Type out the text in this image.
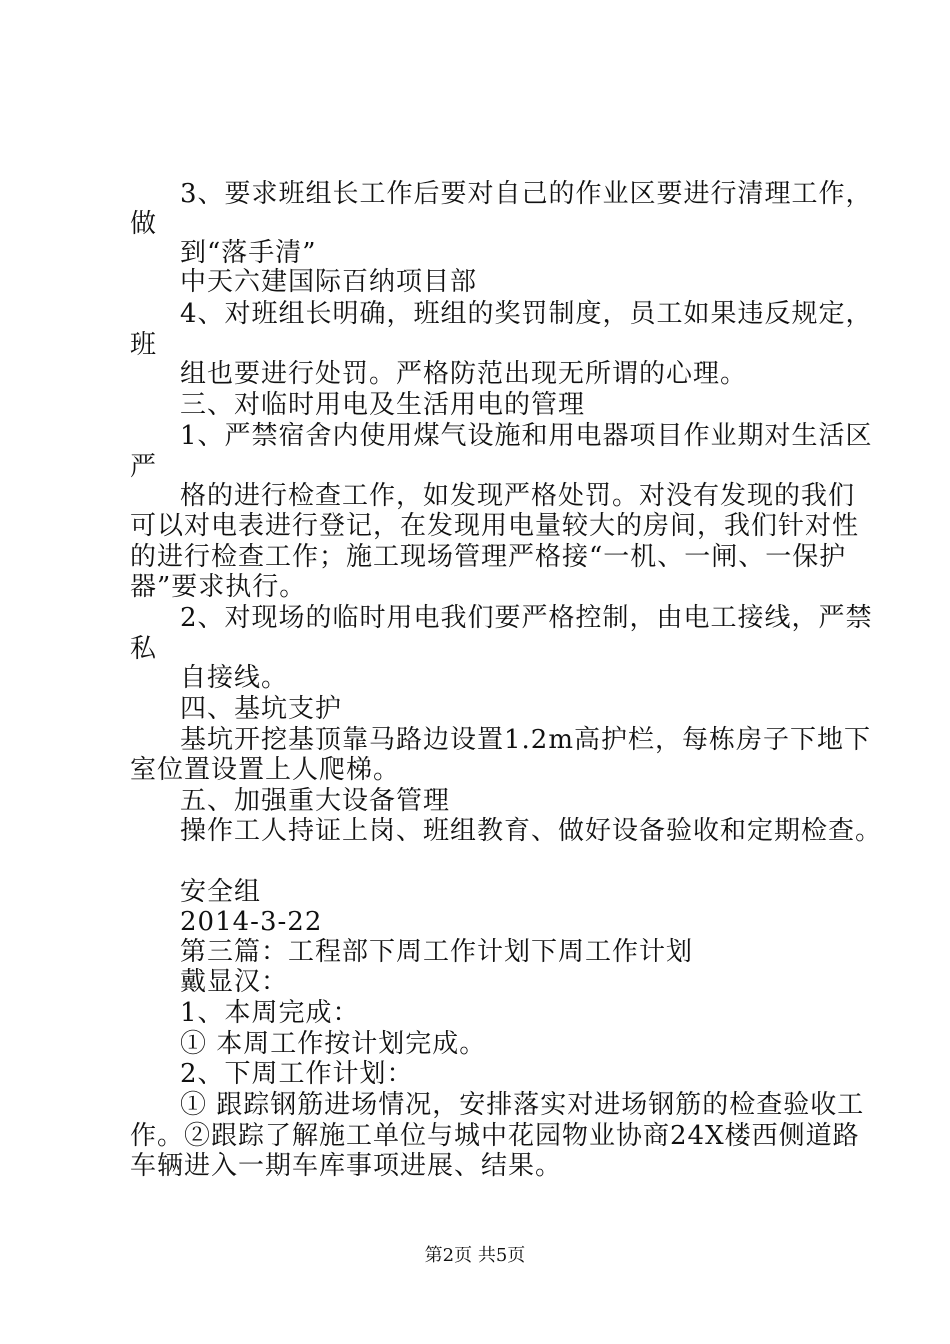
3、要求班组长工作后要对自己的作业区要进行清理工作，
做
到“落手清”
中天六建国际百纳项目部
4、对班组长明确，班组的奖罚制度，员工如果违反规定，
班
组也要进行处罚。严格防范出现无所谓的心理。
三、对临时用电及生活用电的管理
1、严禁宿舍内使用煤气设施和用电器项目作业期对生活区
严
格的进行检查工作，如发现严格处罚。对没有发现的我们
可以对电表进行登记，在发现用电量较大的房间，我们针对性
的进行检查工作；施工现场管理严格接“一机、一闸、一保护
器”要求执行。
2、对现场的临时用电我们要严格控制，由电工接线，严禁
私
自接线。
四、基坑支护
基坑开挖基顶靠马路边设置1.2m高护栏，每栋房子下地下
室位置设置上人爬梯。
五、加强重大设备管理
操作工人持证上岗、班组教育、做好设备验收和定期检查。
安全组
2014-3-22
第三篇：工程部下周工作计划下周工作计划
戴显汉：
1、本周完成：
① 本周工作按计划完成。
2、下周工作计划：
① 跟踪钢筋进场情况，安排落实对进场钢筋的检查验收工
作。②跟踪了解施工单位与城中花园物业协商24X楼西侧道路
车辆进入一期车库事项进展、结果。
第2页 共5页
